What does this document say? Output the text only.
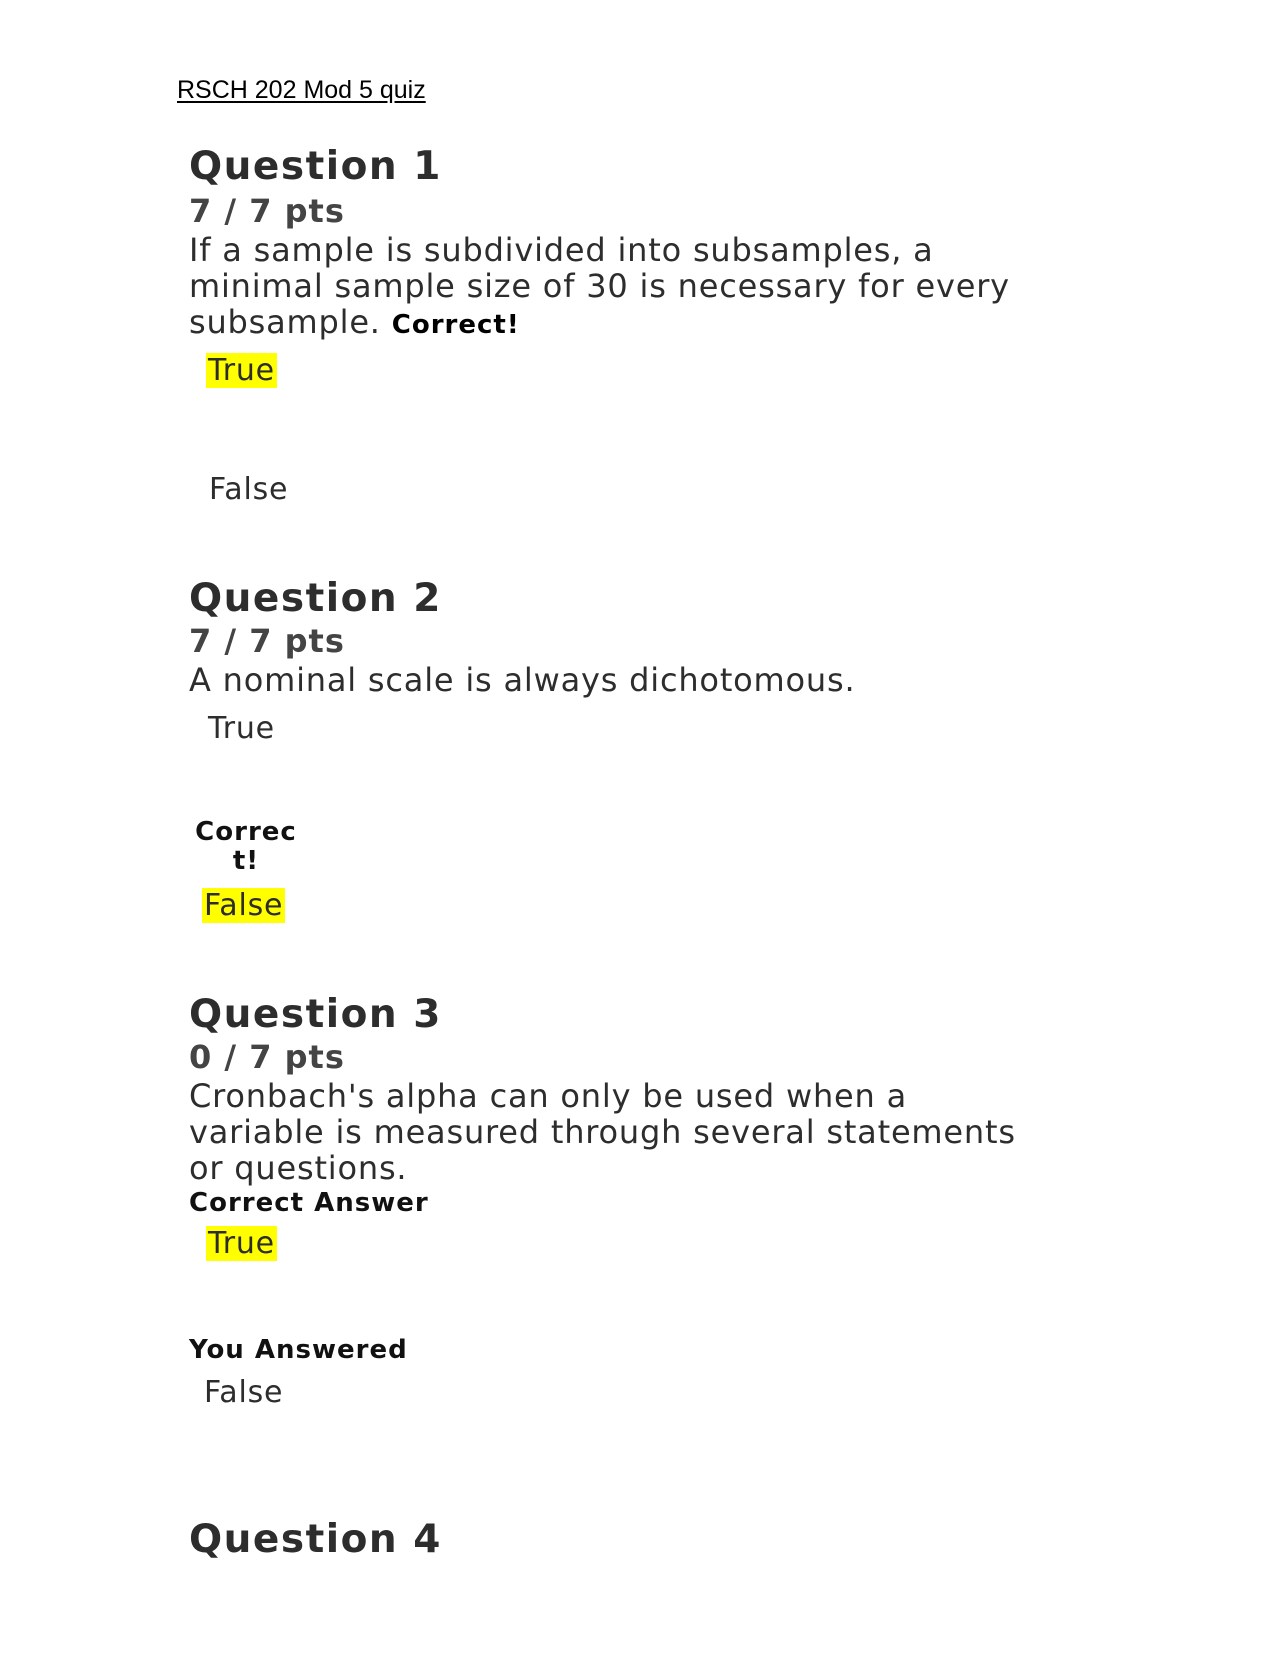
RSCH 202 Mod 5 quiz
Question 1
7 / 7 pts
If a sample is subdivided into subsamples, a
minimal sample size of 30 is necessary for every
subsample. Correct!
True
False
Question 2
7 / 7 pts
A nominal scale is always dichotomous.
True
Correc
t!
False
Question 3
0 / 7 pts
Cronbach's alpha can only be used when a
variable is measured through several statements
or questions.
Correct Answer
True
You Answered
False
Question 4
